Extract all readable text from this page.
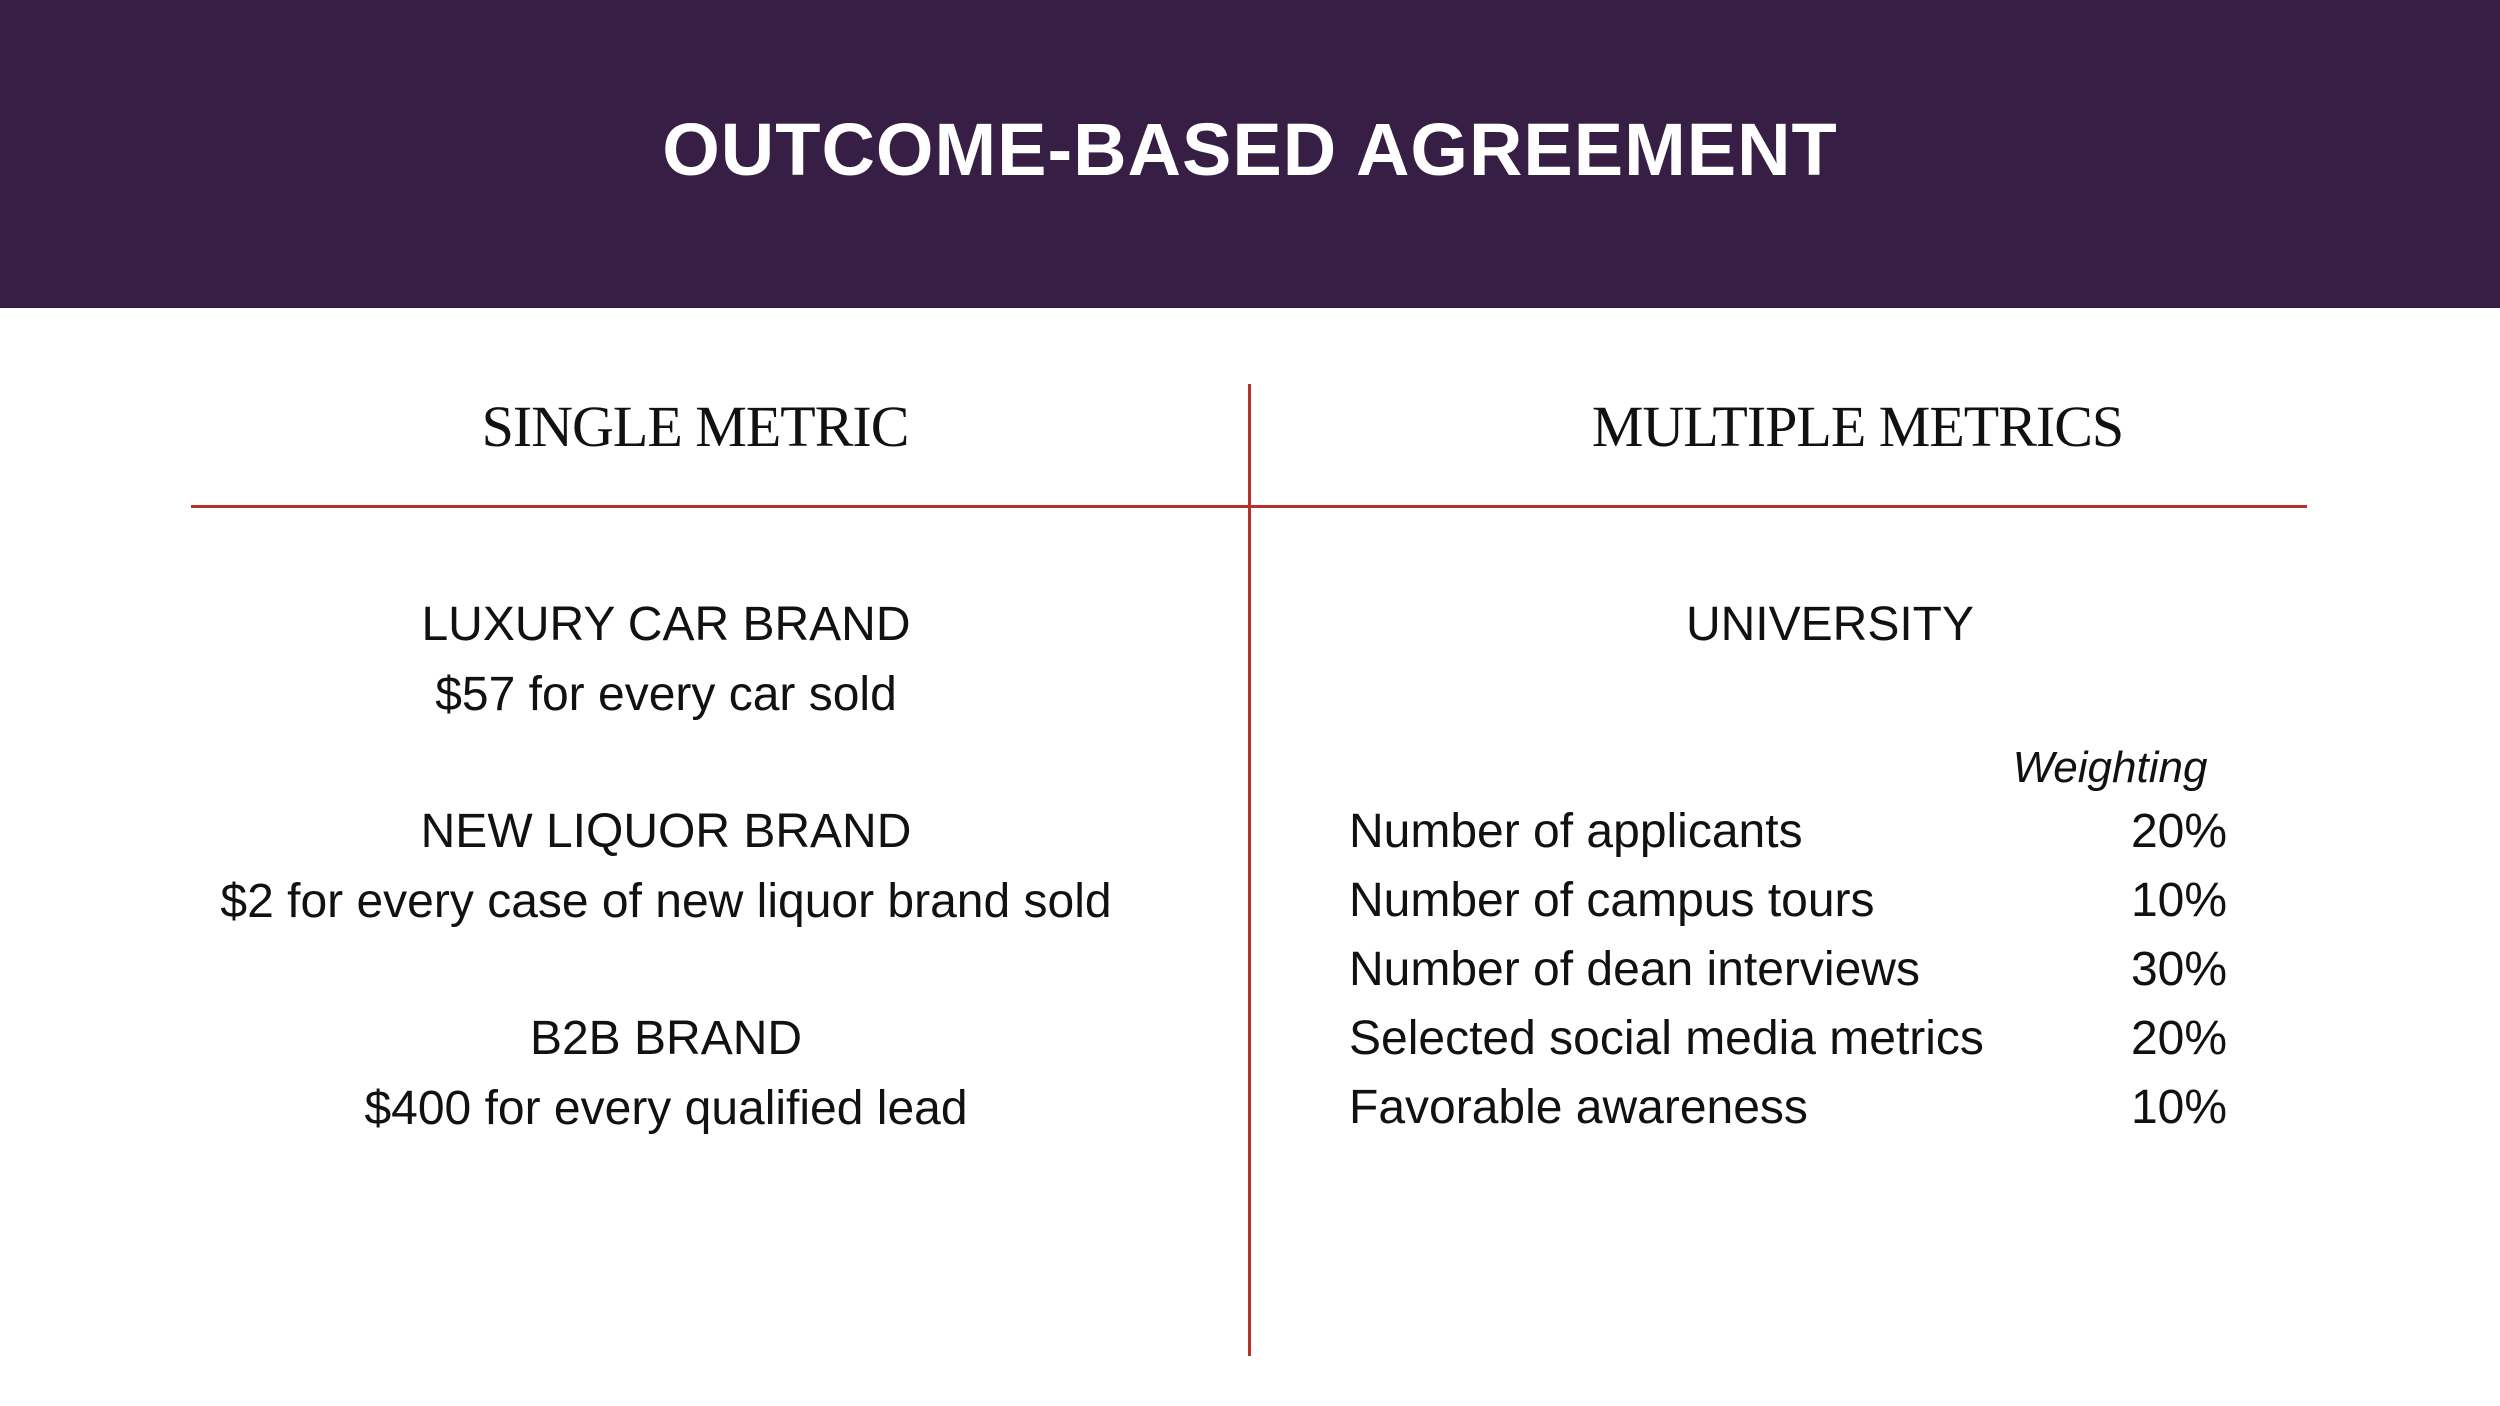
OUTCOME-BASED AGREEMENT
SINGLE METRIC	MULTIPLE METRICS
LUXURY CAR BRAND
$57 for every car sold
NEW LIQUOR BRAND
$2 for every case of new liquor brand sold
B2B BRAND
$400 for every qualified lead
UNIVERSITY
Weighting
Number of applicants	20%
Number of campus tours	10%
Number of dean interviews	30%
Selected social media metrics	20%
Favorable awareness	10%
